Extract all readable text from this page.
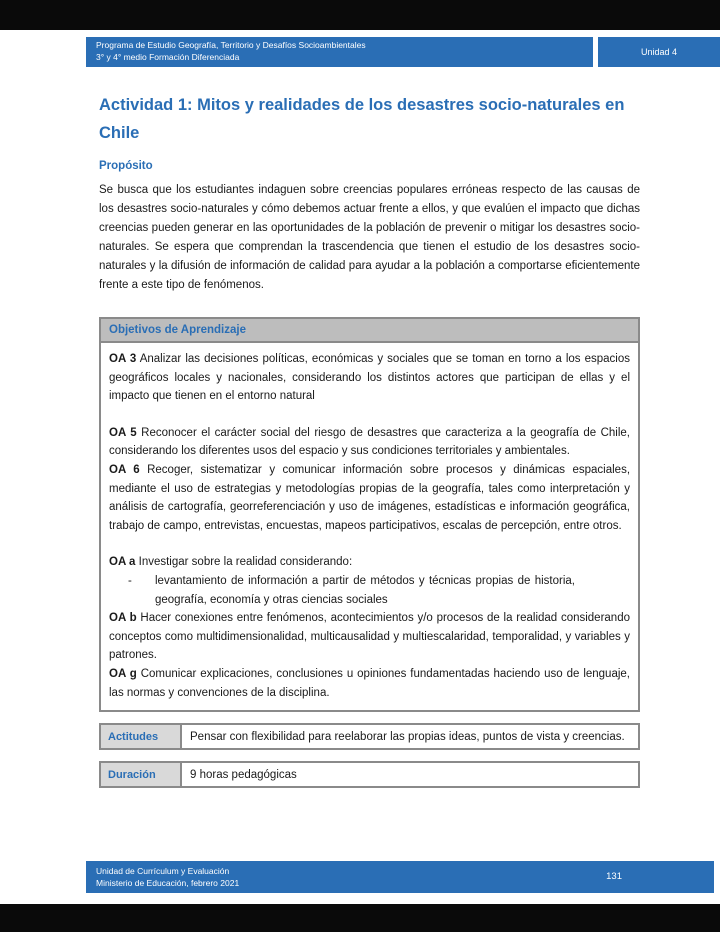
Programa de Estudio Geografía, Territorio y Desafíos Socioambientales
3° y 4° medio Formación Diferenciada	Unidad 4
Actividad 1: Mitos y realidades de los desastres socio-naturales en Chile
Propósito

Se busca que los estudiantes indaguen sobre creencias populares erróneas respecto de las causas de los desastres socio-naturales y cómo debemos actuar frente a ellos, y que evalúen el impacto que dichas creencias pueden generar en las oportunidades de la población de prevenir o mitigar los desastres socio-naturales. Se espera que comprendan la trascendencia que tienen el estudio de los desastres socio-naturales y la difusión de información de calidad para ayudar a la población a comportarse eficientemente frente a este tipo de fenómenos.

Objetivos de Aprendizaje

OA 3 Analizar las decisiones políticas, económicas y sociales que se toman en torno a los espacios geográficos locales y nacionales, considerando los distintos actores que participan de ellas y el impacto que tienen en el entorno natural

OA 5 Reconocer el carácter social del riesgo de desastres que caracteriza a la geografía de Chile, considerando los diferentes usos del espacio y sus condiciones territoriales y ambientales.

OA 6 Recoger, sistematizar y comunicar información sobre procesos y dinámicas espaciales, mediante el uso de estrategias y metodologías propias de la geografía, tales como interpretación y análisis de cartografía, georreferenciación y uso de imágenes, estadísticas e información geográfica, trabajo de campo, entrevistas, encuestas, mapeos participativos, escalas de percepción, entre otros.

OA a Investigar sobre la realidad considerando:

-	levantamiento de información a partir de métodos y técnicas propias de historia, geografía, economía y otras ciencias sociales

OA b Hacer conexiones entre fenómenos, acontecimientos y/o procesos de la realidad considerando conceptos como multidimensionalidad, multicausalidad y multiescalaridad, temporalidad, y variables y patrones.

OA g Comunicar explicaciones, conclusiones u opiniones fundamentadas haciendo uso de lenguaje, las normas y convenciones de la disciplina.

Actitudes	Pensar con flexibilidad para reelaborar las propias ideas, puntos de vista y creencias.
Duración	9 horas pedagógicas
Unidad de Currículum y Evaluación
Ministerio de Educación, febrero 2021
131
